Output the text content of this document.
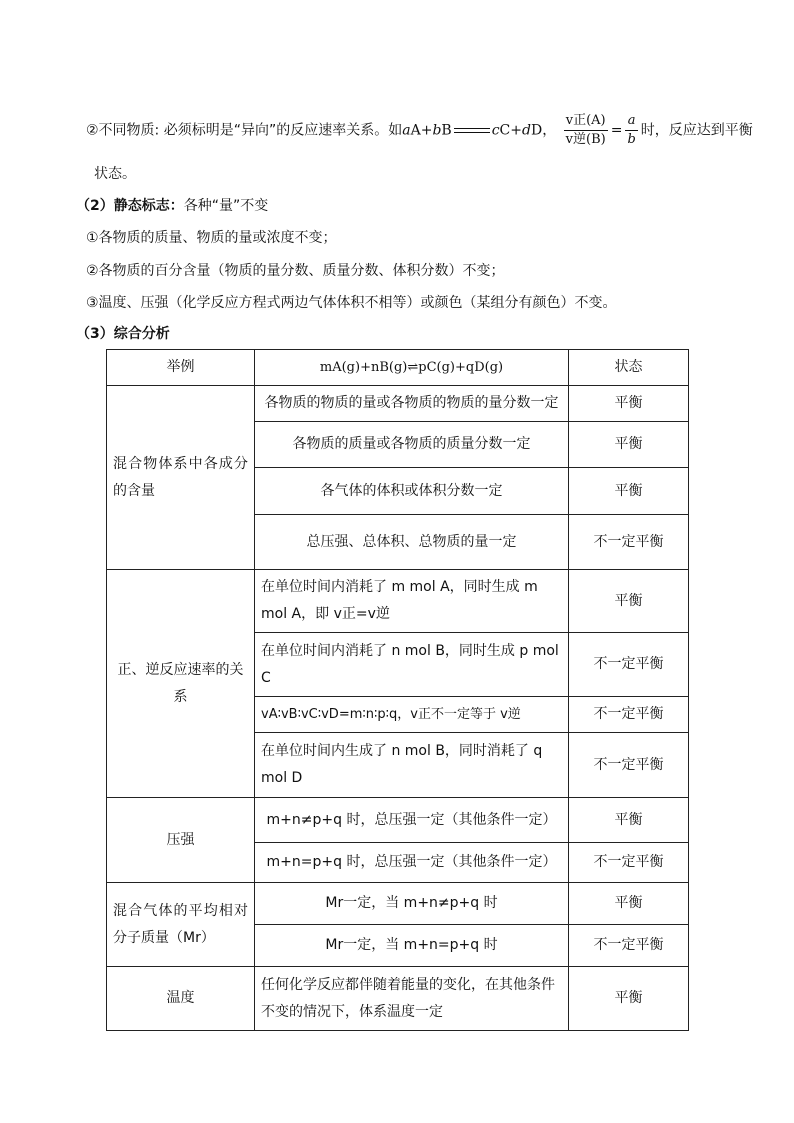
②不同物质: 必须标明是“异向”的反应速率关系。如aA+bB	cC+dD， $\frac{\text{v正(A)}}{\text{v逆(B)}} = \frac{a}{b}$ 时，反应达到平衡
状态。
（2）静态标志：各种“量”不变
①各物质的质量、物质的量或浓度不变；
②各物质的百分含量（物质的量分数、质量分数、体积分数）不变；
③温度、压强（化学反应方程式两边气体体积不相等）或颜色（某组分有颜色）不变。
（3）综合分析
举例	mA(g)+nB(g)⇌pC(g)+qD(g)	状态
混合物体系中各成分的含量	各物质的物质的量或各物质的物质的量分数一定	平衡
	各物质的质量或各物质的质量分数一定	平衡
	各气体的体积或体积分数一定	平衡
	总压强、总体积、总物质的量一定	不一定平衡
正、逆反应速率的关系	在单位时间内消耗了 m mol A，同时生成 m mol A，即 v正=v逆	平衡
	在单位时间内消耗了 n mol B，同时生成 p mol C	不一定平衡
	vA∶vB∶vC∶vD=m∶n∶p∶q，v正不一定等于 v逆	不一定平衡
	在单位时间内生成了 n mol B，同时消耗了 q mol D	不一定平衡
压强	m+n≠p+q 时，总压强一定（其他条件一定）	平衡
	m+n=p+q 时，总压强一定（其他条件一定）	不一定平衡
混合气体的平均相对分子质量（Mr）	Mr一定，当 m+n≠p+q 时	平衡
	Mr一定，当 m+n=p+q 时	不一定平衡
温度	任何化学反应都伴随着能量的变化，在其他条件不变的情况下，体系温度一定	平衡
